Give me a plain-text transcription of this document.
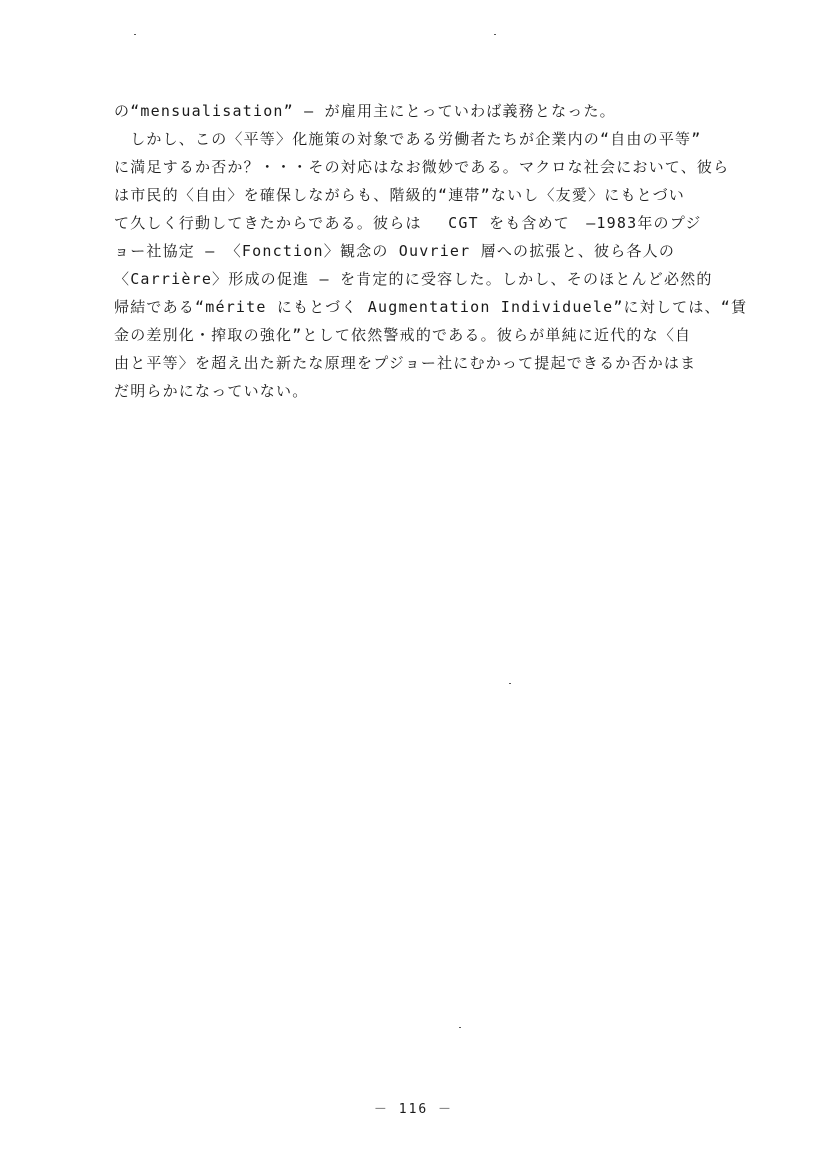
の“mensualisation” ― が雇用主にとっていわば義務となった。
　しかし、この〈平等〉化施策の対象である労働者たちが企業内の“自由の平等”
に満足するか否か？・・・その対応はなお微妙である。マクロな社会において、彼ら
は市民的〈自由〉を確保しながらも、階級的“連帯”ないし〈友愛〉にもとづい
て久しく行動してきたからである。彼らは　 CGT をも含めて　―1983年のプジ
ョー社協定 ― 〈Fonction〉観念の Ouvrier 層への拡張と、彼ら各人の
〈Carrière〉形成の促進 ― を肯定的に受容した。しかし、そのほとんど必然的
帰結である“mérite にもとづく Augmentation Individuele”に対しては、“賃
金の差別化・搾取の強化”として依然警戒的である。彼らが単純に近代的な〈自
由と平等〉を超え出た新たな原理をプジョー社にむかって提起できるか否かはま
だ明らかになっていない。
－ 116 －
